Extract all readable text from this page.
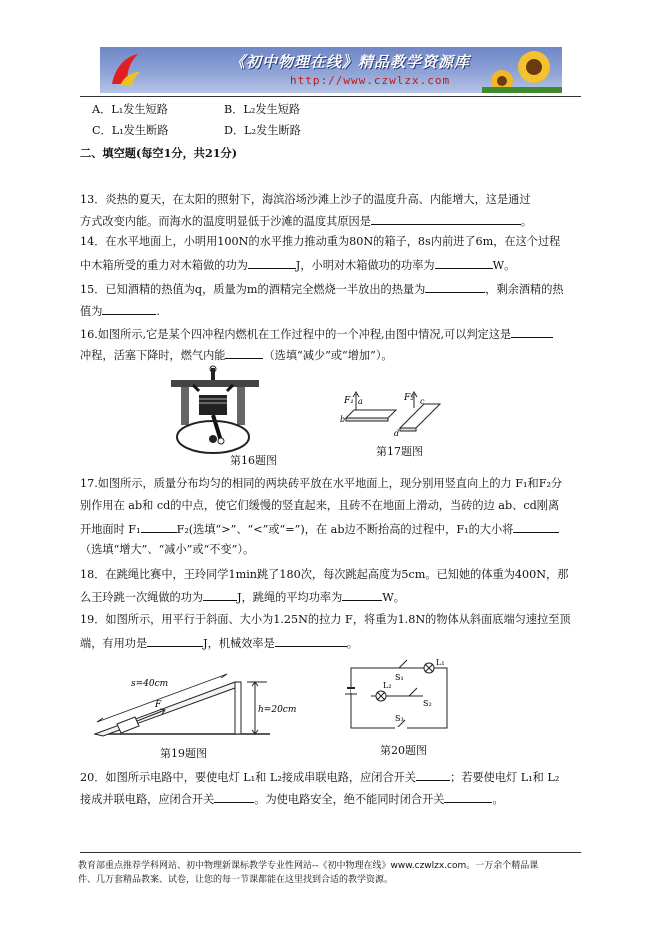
《初中物理在线》精品教学资源库
http://www.czwlzx.com
A．L₁发生短路	B．L₂发生短路
C．L₁发生断路	D．L₂发生断路
二、填空题(每空1分，共21分)
13．炎热的夏天，在太阳的照射下，海滨浴场沙滩上沙子的温度升高、内能增大，这是通过
方式改变内能。而海水的温度明显低于沙滩的温度其原因是	。
14．在水平地面上，小明用100N的水平推力推动重为80N的箱子，8s内前进了6m，在这个过程
中木箱所受的重力对木箱做的功为	J，小明对木箱做功的功率为	W。
15．已知酒精的热值为q，质量为m的酒精完全燃烧一半放出的热量为	，剩余酒精的热
值为	.
16.如图所示,它是某个四冲程内燃机在工作过程中的一个冲程,由图中情况,可以判定这是
冲程，活塞下降时，燃气内能	（选填“减少”或“增加”）。
第16题图
F₁ a
b
F₂ c
d
第17题图
17.如图所示，质量分布均匀的相同的两块砖平放在水平地面上，现分别用竖直向上的力 F₁和F₂分
别作用在 ab和 cd的中点，使它们缓慢的竖直起来，且砖不在地面上滑动，当砖的边 ab、cd刚离
开地面时 F₁	F₂(选填“>”、“<”或“=”)，在 ab边不断抬高的过程中，F₁的大小将
（选填“增大”、“减小”或“不变”）。
18．在跳绳比赛中，王玲同学1min跳了180次，每次跳起高度为5cm。已知她的体重为400N，那
么王玲跳一次绳做的功为	J，跳绳的平均功率为	W。
19．如图所示，用平行于斜面、大小为1.25N的拉力 F，将重为1.8N的物体从斜面底端匀速拉至顶
端，有用功是	J，机械效率是	。
h=20cm
F
s=40cm
第19题图
L₁
S₁
L₂
S₂
S₃
第20题图
20．如图所示电路中，要使电灯 L₁和 L₂接成串联电路，应闭合开关	；若要使电灯 L₁和 L₂
接成并联电路，应闭合开关	。为使电路安全，绝不能同时闭合开关	。
教育部重点推荐学科网站、初中物理新课标教学专业性网站--《初中物理在线》www.czwlzx.com。一万余个精品课
件、几万套精品教案、试卷，让您的每一节课都能在这里找到合适的教学资源。
